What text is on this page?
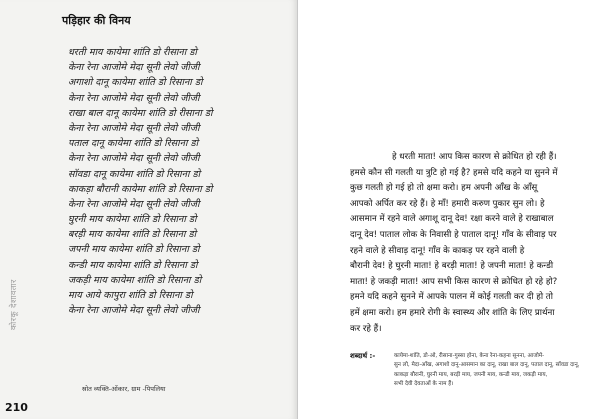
पड़िहार की विनय
धरती माय कायेमा शांति डो रीसाना डो
केना रेना आजोमे मेदा सूनी लेवो जीजी
अगाशो दानू कायेमा शांति डो रिसाना डो
केना रेना आजोमे मेदा सूनी लेवो जीजी
राखा बाल दानू कायेमा शांति डो रीसाना डो
केना रेना आजोमे मेदा सूनी लेवो जीजी
पताल दानू कायेमा शांति डो रिसाना डो
केना रेना आजोमे मेदा सूनी लेवो जीजी
सॉवडा दानू कायेमा शांति डो रिसाना डो
काकड़ा बौरानी कायेमा शांति डो रिसाना डो
केना रेना आजोमे मेदा सूनी लेवो जीजी
घुरनी माय कायेमा शांति डो रिसाना डो
बरड़ी माय कायेमा शांति डो रिसाना डो
जपनी माय कायेमा शांति डो रिसाना डो
कन्डी माय कायेमा शांति डो रिसाना डो
जकड़ी माय कायेमा शांति डो रिसाना डो
माय आये कापुरा शांति डो रिसाना डो
केना रेना आजोमे मेदा सूनी लेवो जीजी
स्रोत व्यक्ति-ओंकार, ग्राम -पिपलिया
कोरकू देशावतार
210
हे धरती माता! आप किस कारण से क्रोधित हो रही हैं।
हमसे कौन सी गलती या त्रुटि हो गई है? हमसे यदि कहने या सुनने में
कुछ गलती हो गई हो तो क्षमा करो। हम अपनी आँख के आँसू
आपको अर्पित कर रहे हैं। हे माँ! हमारी करुण पुकार सुन लो। हे
आसमान में रहने वाले अगाशू दानू देव! रक्षा करने वाले हे राखाबाल
दानू देव! पाताल लोक के निवासी हे पाताल दानू! गाँव के सीवाड़ पर
रहने वाले हे सीवाड़ दानू! गाँव के काकड़ पर रहने वाली हे
बौरानी देव! हे घुरनी माता! हे बरड़ी माता! हे जपनी माता! हे कन्डी
माता! हे जकड़ी माता! आप सभी किस कारण से क्रोधित हो रहे हो?
हमने यदि कहने सुनने में आपके पालन में कोई गलती कर दी हो तो
हमें क्षमा करो। हम हमारे रोगी के स्वास्थ्य और शांति के लिए प्रार्थना
कर रहे हैं।
शब्दार्थ :-	कायेमा-शांति, डो-ओ, रीसाना-गुस्सा होना, केना रेना-कहना सुनना, आजोमे-
सुन लो, मेदा-आँख, अगाशो दानू-आसमान का दानू, राखा बाल दानू, पताल दानू, सॉवडा दानू,
काकड़ा बौरानी, घुरनी माय, बरड़ी माय, जपनी माय, कन्डी माय, जकड़ी माय,
सभी देवी देवताओं के नाम हैं।
